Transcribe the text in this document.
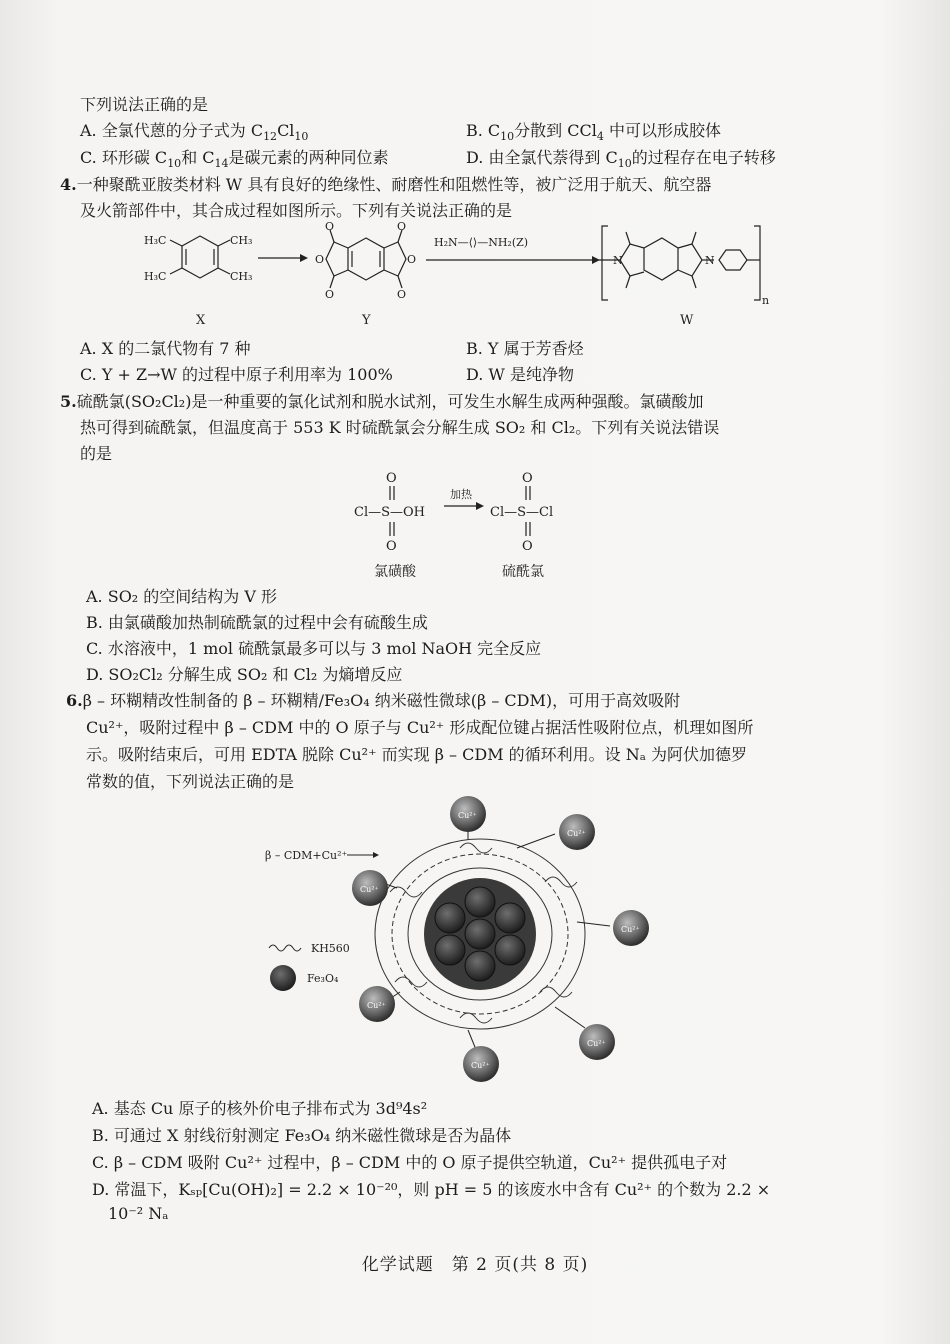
下列说法正确的是
A. 全氯代蒽的分子式为 $C_{12}Cl_{10}$	B. $C_{10}$分散到 CCl$_4$ 中可以形成胶体
C. 环形碳 $C_{10}$和 $C_{14}$是碳元素的两种同位素	D. 由全氯代萘得到 $C_{10}$的过程存在电子转移
4.一种聚酰亚胺类材料 W 具有良好的绝缘性、耐磨性和阻燃性等，被广泛用于航天、航空器
及火箭部件中，其合成过程如图所示。下列有关说法正确的是
H₃C
H₃C
CH₃
CH₃
O	O
O	O
O	O
H₂N—⟨⟩—NH₂(Z)
N	N
n
X	Y	W
A. X 的二氯代物有 7 种	B. Y 属于芳香烃
C. Y + Z→W 的过程中原子利用率为 100%	D. W 是纯净物
5.硫酰氯(SO₂Cl₂)是一种重要的氯化试剂和脱水试剂，可发生水解生成两种强酸。氯磺酸加
热可得到硫酰氯，但温度高于 553 K 时硫酰氯会分解生成 SO₂ 和 Cl₂。下列有关说法错误
的是
O
O
Cl—S—OH
加热
O
O
Cl—S—Cl
氯磺酸	硫酰氯
A. SO₂ 的空间结构为 V 形
B. 由氯磺酸加热制硫酰氯的过程中会有硫酸生成
C. 水溶液中，1 mol 硫酰氯最多可以与 3 mol NaOH 完全反应
D. SO₂Cl₂ 分解生成 SO₂ 和 Cl₂ 为熵增反应
6.β – 环糊精改性制备的 β – 环糊精/Fe₃O₄ 纳米磁性微球(β – CDM)，可用于高效吸附
Cu²⁺，吸附过程中 β – CDM 中的 O 原子与 Cu²⁺ 形成配位键占据活性吸附位点，机理如图所
示。吸附结束后，可用 EDTA 脱除 Cu²⁺ 而实现 β – CDM 的循环利用。设 Nₐ 为阿伏加德罗
常数的值，下列说法正确的是
β – CDM+Cu²⁺
Cu²⁺
Cu²⁺
Cu²⁺
Cu²⁺
Cu²⁺
Cu²⁺
Cu²⁺
KH560
Fe₃O₄
A. 基态 Cu 原子的核外价电子排布式为 3d⁹4s²
B. 可通过 X 射线衍射测定 Fe₃O₄ 纳米磁性微球是否为晶体
C. β – CDM 吸附 Cu²⁺ 过程中，β – CDM 中的 O 原子提供空轨道，Cu²⁺ 提供孤电子对
D. 常温下，Kₛₚ[Cu(OH)₂] = 2.2 × 10⁻²⁰，则 pH = 5 的该废水中含有 Cu²⁺ 的个数为 2.2 ×
10⁻² Nₐ
化学试题　第 2 页(共 8 页)
